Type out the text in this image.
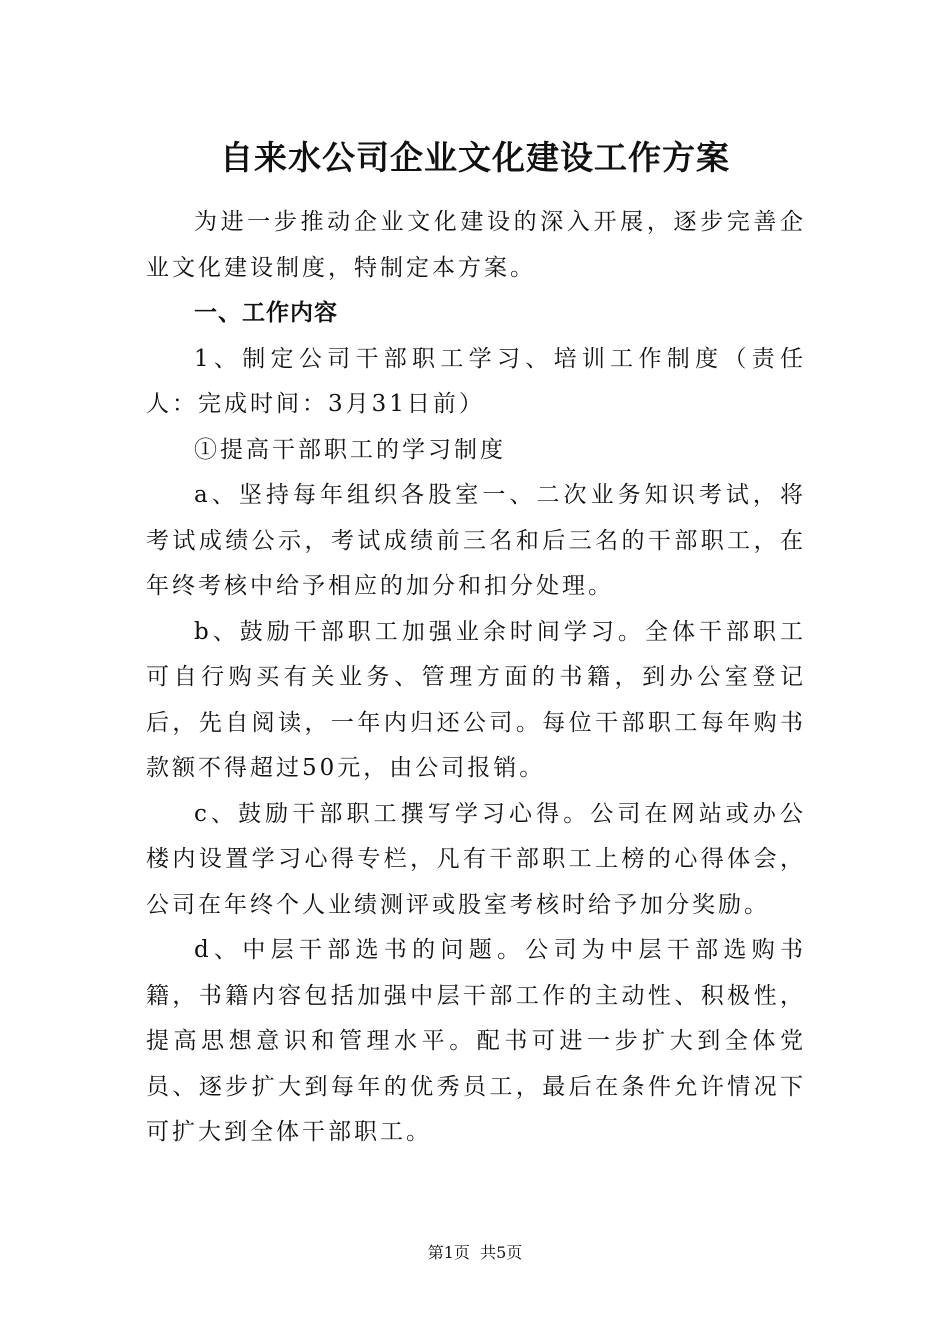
自来水公司企业文化建设工作方案

为进一步推动企业文化建设的深入开展，逐步完善企业文化建设制度，特制定本方案。

一、工作内容

1、制定公司干部职工学习、培训工作制度（责任人：完成时间：3月31日前）

①提高干部职工的学习制度

a、坚持每年组织各股室一、二次业务知识考试，将考试成绩公示，考试成绩前三名和后三名的干部职工，在年终考核中给予相应的加分和扣分处理。

b、鼓励干部职工加强业余时间学习。全体干部职工可自行购买有关业务、管理方面的书籍，到办公室登记后，先自阅读，一年内归还公司。每位干部职工每年购书款额不得超过50元，由公司报销。

c、鼓励干部职工撰写学习心得。公司在网站或办公楼内设置学习心得专栏，凡有干部职工上榜的心得体会，公司在年终个人业绩测评或股室考核时给予加分奖励。

d、中层干部选书的问题。公司为中层干部选购书籍，书籍内容包括加强中层干部工作的主动性、积极性，提高思想意识和管理水平。配书可进一步扩大到全体党员、逐步扩大到每年的优秀员工，最后在条件允许情况下可扩大到全体干部职工。

第1页 共5页
